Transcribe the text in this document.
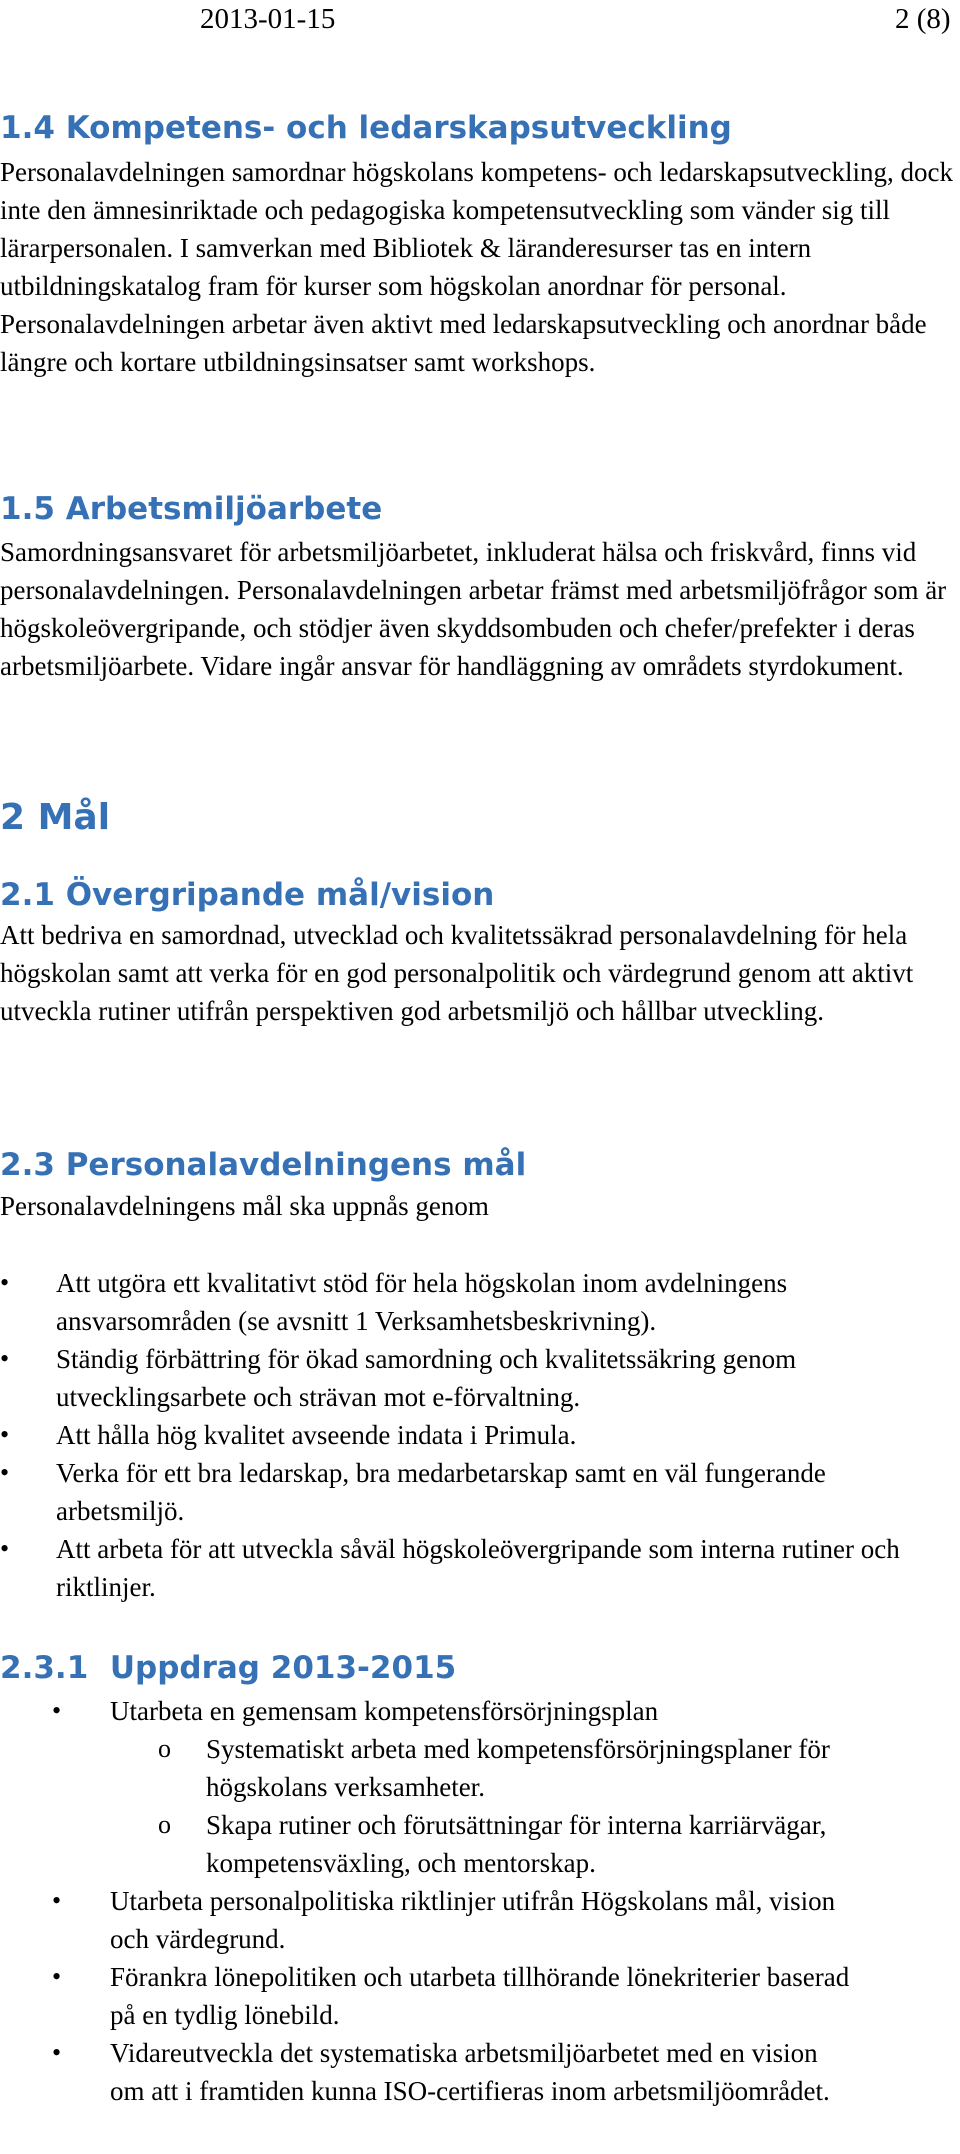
2013-01-15	2 (8)
1.4 Kompetens- och ledarskapsutveckling

Personalavdelningen samordnar högskolans kompetens- och ledarskapsutveckling, dock inte den ämnesinriktade och pedagogiska kompetensutveckling som vänder sig till lärarpersonalen. I samverkan med Bibliotek & läranderesurser tas en intern utbildningskatalog fram för kurser som högskolan anordnar för personal. Personalavdelningen arbetar även aktivt med ledarskapsutveckling och anordnar både längre och kortare utbildningsinsatser samt workshops.

1.5 Arbetsmiljöarbete

Samordningsansvaret för arbetsmiljöarbetet, inkluderat hälsa och friskvård, finns vid personalavdelningen. Personalavdelningen arbetar främst med arbetsmiljöfrågor som är högskoleövergripande, och stödjer även skyddsombuden och chefer/prefekter i deras arbetsmiljöarbete. Vidare ingår ansvar för handläggning av områdets styrdokument.

2 Mål
2.1 Övergripande mål/vision

Att bedriva en samordnad, utvecklad och kvalitetssäkrad personalavdelning för hela högskolan samt att verka för en god personalpolitik och värdegrund genom att aktivt utveckla rutiner utifrån perspektiven god arbetsmiljö och hållbar utveckling.

2.3 Personalavdelningens mål

Personalavdelningens mål ska uppnås genom

• Att utgöra ett kvalitativt stöd för hela högskolan inom avdelningens ansvarsområden (se avsnitt 1 Verksamhetsbeskrivning).
• Ständig förbättring för ökad samordning och kvalitetssäkring genom utvecklingsarbete och strävan mot e-förvaltning.
• Att hålla hög kvalitet avseende indata i Primula.
• Verka för ett bra ledarskap, bra medarbetarskap samt en väl fungerande arbetsmiljö.
• Att arbeta för att utveckla såväl högskoleövergripande som interna rutiner och riktlinjer.
2.3.1  Uppdrag 2013-2015
• Utarbeta en gemensam kompetensförsörjningsplan
o Systematiskt arbeta med kompetensförsörjningsplaner för högskolans verksamheter.
o Skapa rutiner och förutsättningar för interna karriärvägar, kompetensväxling, och mentorskap.
• Utarbeta personalpolitiska riktlinjer utifrån Högskolans mål, vision och värdegrund.
• Förankra lönepolitiken och utarbeta tillhörande lönekriterier baserad på en tydlig lönebild.
• Vidareutveckla det systematiska arbetsmiljöarbetet med en vision om att i framtiden kunna ISO-certifieras inom arbetsmiljöområdet.
